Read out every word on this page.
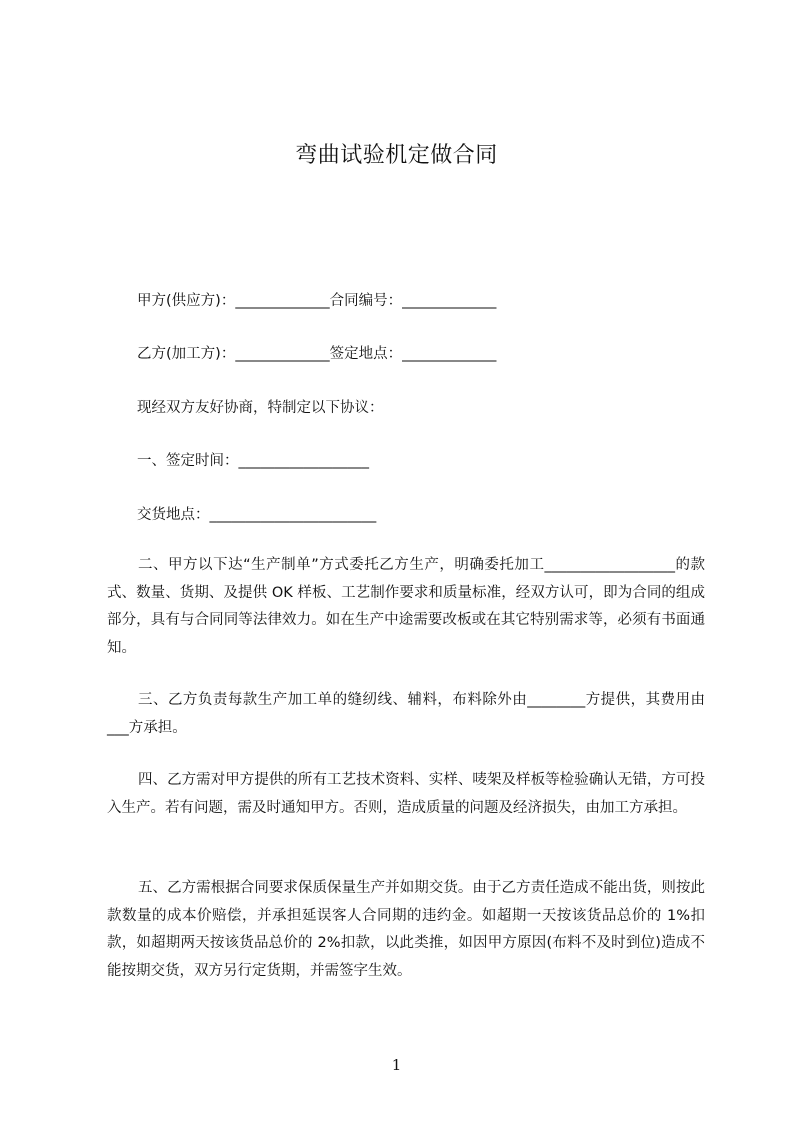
弯曲试验机定做合同

甲方(供应方)：_____________合同编号：_____________

乙方(加工方)：_____________签定地点：_____________

现经双方友好协商，特制定以下协议：

一、签定时间：__________________

交货地点：_______________________

二、甲方以下达“生产制单”方式委托乙方生产，明确委托加工__________________的款式、数量、货期、及提供 OK 样板、工艺制作要求和质量标准，经双方认可，即为合同的组成部分，具有与合同同等法律效力。如在生产中途需要改板或在其它特别需求等，必须有书面通知。

三、乙方负责每款生产加工单的缝纫线、辅料，布料除外由________方提供，其费用由___方承担。

四、乙方需对甲方提供的所有工艺技术资料、实样、唛架及样板等检验确认无错，方可投入生产。若有问题，需及时通知甲方。否则，造成质量的问题及经济损失，由加工方承担。

五、乙方需根据合同要求保质保量生产并如期交货。由于乙方责任造成不能出货，则按此款数量的成本价赔偿，并承担延误客人合同期的违约金。如超期一天按该货品总价的 1%扣款，如超期两天按该货品总价的 2%扣款，以此类推，如因甲方原因(布料不及时到位)造成不能按期交货，双方另行定货期，并需签字生效。

1
